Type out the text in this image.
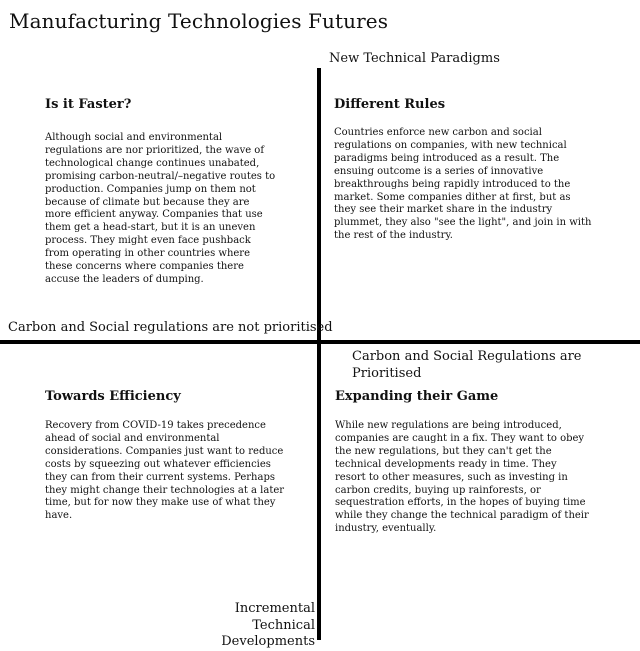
Manufacturing Technologies Futures
New Technical Paradigms
Is it Faster?

Although social and environmental regulations are nor prioritized, the wave of technological change continues unabated, promising carbon-neutral/–negative routes to production. Companies jump on them not because of climate but because they are more efficient anyway. Companies that use them get a head-start, but it is an uneven process. They might even face pushback from operating in other countries where these concerns where companies there accuse the leaders of dumping.

Different Rules

Countries enforce new carbon and social regulations on companies, with new technical paradigms being introduced as a result. The ensuing outcome is a series of innovative breakthroughs being rapidly introduced to the market. Some companies dither at first, but as they see their market share in the industry plummet, they also "see the light", and join in with the rest of the industry.

Carbon and Social regulations are not prioritised
Carbon and Social Regulations are Prioritised
Towards Efficiency

Recovery from COVID-19 takes precedence ahead of social and environmental considerations. Companies just want to reduce costs by squeezing out whatever efficiencies they can from their current systems. Perhaps they might change their technologies at a later time, but for now they make use of what they have.

Expanding their Game

While new regulations are being introduced, companies are caught in a fix. They want to obey the new regulations, but they can't get the technical developments ready in time. They resort to other measures, such as investing in carbon credits, buying up rainforests, or sequestration efforts, in the hopes of buying time while they change the technical paradigm of their industry, eventually.

Incremental Technical
Developments
